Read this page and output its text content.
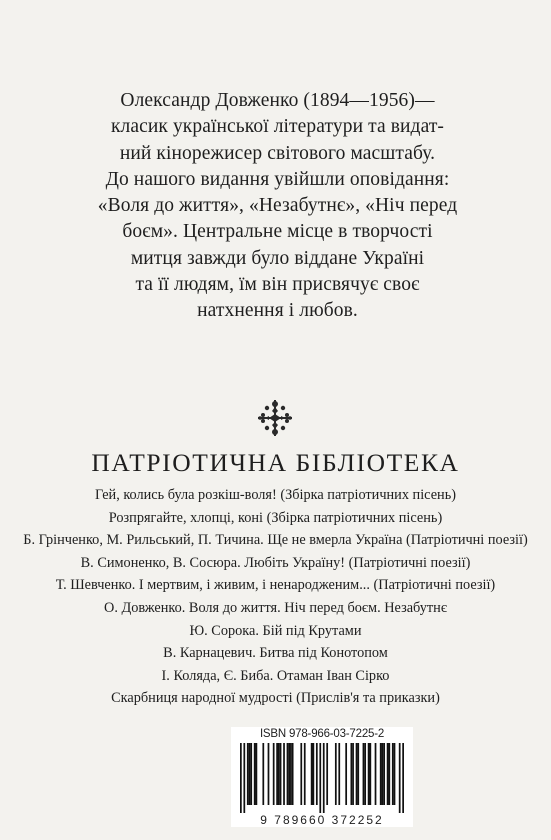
Олександр Довженко (1894—1956)—
класик української літератури та видат-
ний кінорежисер світового масштабу.
До нашого видання увійшли оповідання:
«Воля до життя», «Незабутнє», «Ніч перед
боєм». Центральне місце в творчості
митця завжди було віддане Україні
та її людям, їм він присвячує своє
натхнення і любов.
ПАТРІОТИЧНА БІБЛІОТЕКА
Гей, колись була розкіш-воля! (Збірка патріотичних пісень)
Розпрягайте, хлопці, коні (Збірка патріотичних пісень)
Б. Грінченко, М. Рильський, П. Тичина. Ще не вмерла Україна (Патріотичні поезії)
В. Симоненко, В. Сосюра. Любіть Україну! (Патріотичні поезії)
Т. Шевченко. І мертвим, і живим, і ненародженим... (Патріотичні поезії)
О. Довженко. Воля до життя. Ніч перед боєм. Незабутнє
Ю. Сорока. Бій під Крутами
В. Карнацевич. Битва під Конотопом
І. Коляда, Є. Биба. Отаман Іван Сірко
Скарбниця народної мудрості (Прислів'я та приказки)
ISBN 978-966-03-7225-2
9 789660 372252
